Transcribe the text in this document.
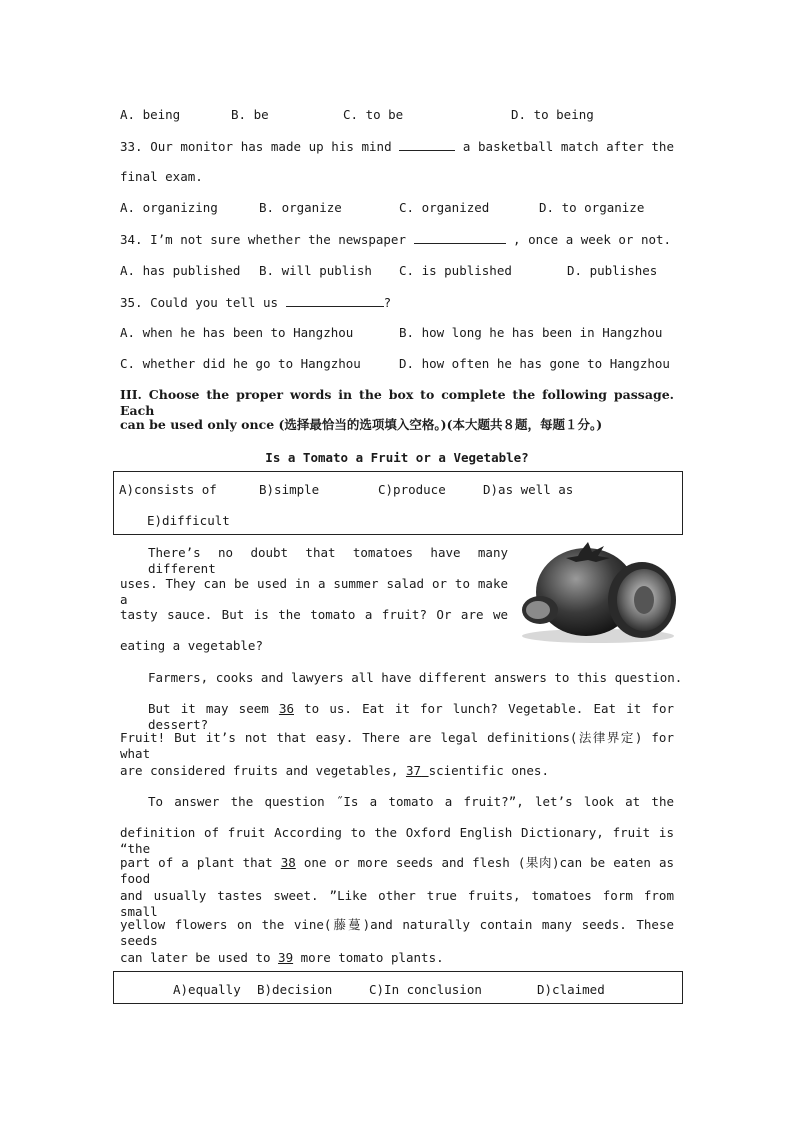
A. being	B. be	C. to be	D. to being
33. Our monitor has made up his mind	a basketball match after the
final exam.
A. organizing	B. organize	C. organized	D. to organize
34. I’m not sure whether the newspaper	, once a week or not.
A. has published B. will publish C. is published	D. publishes
35. Could you tell us	?
A. when he has been to Hangzhou	B. how long he has been in Hangzhou
C. whether did he go to Hangzhou	D. how often he has gone to Hangzhou
III. Choose the proper words in the box to complete the following passage. Each
can be used only once (选择最恰当的选项填入空格。)(本大题共８题，每题１分。)
Is a Tomato a Fruit or a Vegetable?
A)consists of	B)simple	C)produce	D)as well as
E)difficult
There’s no doubt that tomatoes have many different
uses. They can be used in a summer salad or to make a
tasty sauce. But is the tomato a fruit? Or are we
eating a vegetable?
Farmers, cooks and lawyers all have different answers to this question.
But it may seem 36 to us. Eat it for lunch? Vegetable. Eat it for dessert?
Fruit! But it’s not that easy. There are legal definitions(法律界定) for what
are considered fruits and vegetables, 37 scientific ones.
To answer the question ˝Is a tomato a fruit?”, let’s look at the
definition of fruit According to the Oxford English Dictionary, fruit is “the
part of a plant that 38 one or more seeds and flesh (果肉)can be eaten as food
and usually tastes sweet. ”Like other true fruits, tomatoes form from small
yellow flowers on the vine(藤蔓)and naturally contain many seeds. These seeds
can later be used to 39 more tomato plants.
A)equally B)decision	C)In conclusion	D)claimed
